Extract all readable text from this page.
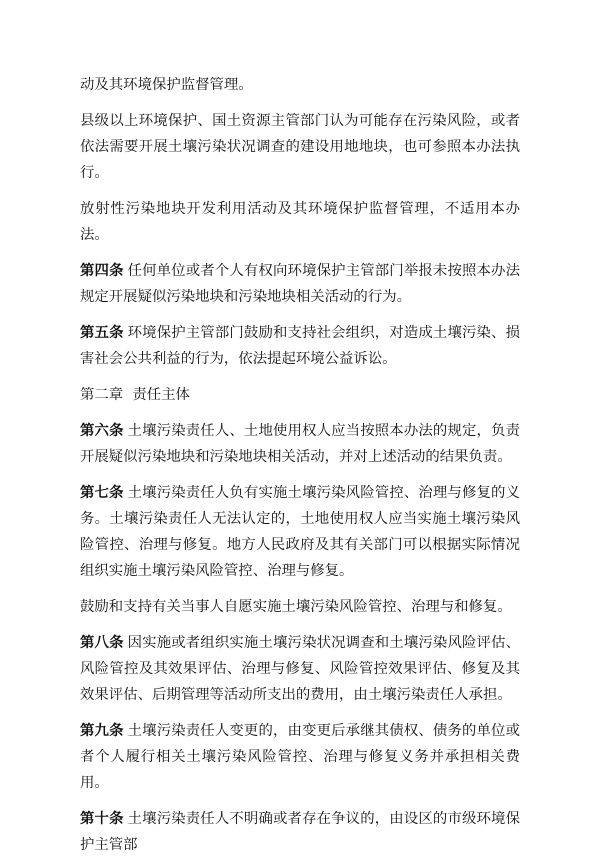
动及其环境保护监督管理。

县级以上环境保护、国土资源主管部门认为可能存在污染风险，或者依法需要开展土壤污染状况调查的建设用地地块，也可参照本办法执行。

放射性污染地块开发利用活动及其环境保护监督管理，不适用本办法。

第四条 任何单位或者个人有权向环境保护主管部门举报未按照本办法规定开展疑似污染地块和污染地块相关活动的行为。

第五条 环境保护主管部门鼓励和支持社会组织，对造成土壤污染、损害社会公共利益的行为，依法提起环境公益诉讼。

第二章  责任主体

第六条 土壤污染责任人、土地使用权人应当按照本办法的规定，负责开展疑似污染地块和污染地块相关活动，并对上述活动的结果负责。

第七条 土壤污染责任人负有实施土壤污染风险管控、治理与修复的义务。土壤污染责任人无法认定的，土地使用权人应当实施土壤污染风险管控、治理与修复。地方人民政府及其有关部门可以根据实际情况组织实施土壤污染风险管控、治理与修复。

鼓励和支持有关当事人自愿实施土壤污染风险管控、治理与和修复。

第八条 因实施或者组织实施土壤污染状况调查和土壤污染风险评估、风险管控及其效果评估、治理与修复、风险管控效果评估、修复及其效果评估、后期管理等活动所支出的费用，由土壤污染责任人承担。

第九条 土壤污染责任人变更的，由变更后承继其债权、债务的单位或者个人履行相关土壤污染风险管控、治理与修复义务并承担相关费用。

第十条 土壤污染责任人不明确或者存在争议的，由设区的市级环境保护主管部
